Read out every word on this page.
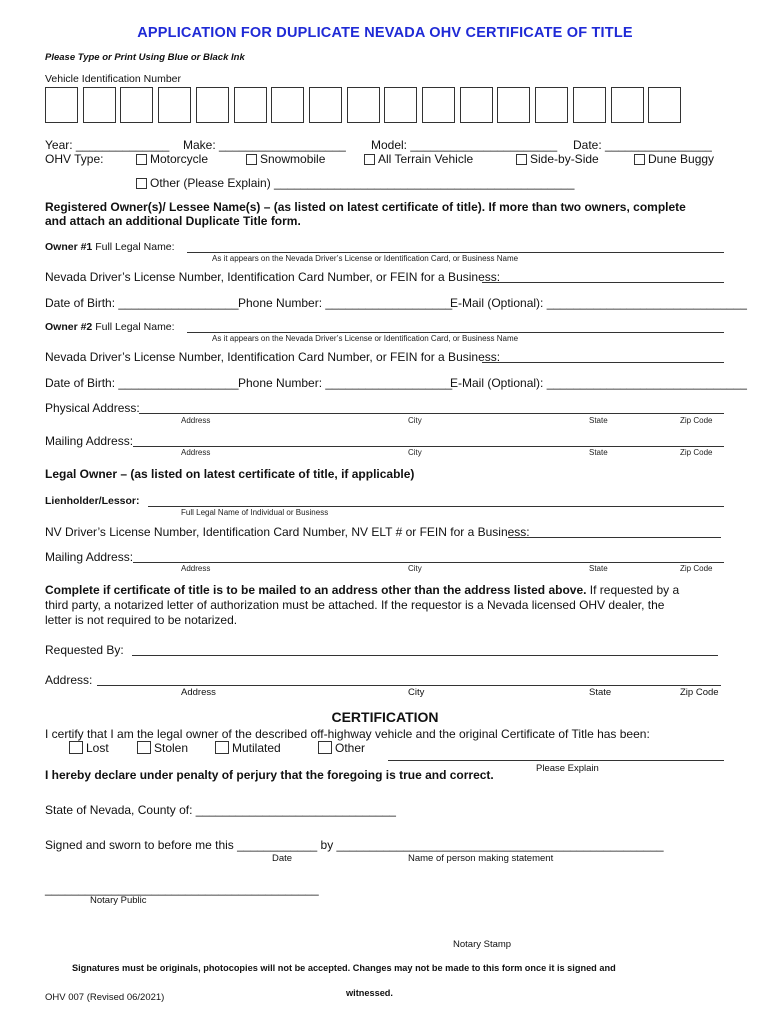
APPLICATION FOR DUPLICATE NEVADA OHV CERTIFICATE OF TITLE
Please Type or Print Using Blue or Black Ink
Vehicle Identification Number
Year: ______________ Make: ___________________ Model: ______________________ Date: ________________
OHV Type:	Motorcycle	Snowmobile	All Terrain Vehicle	Side-by-Side	Dune Buggy
Other (Please Explain) _____________________________________________
Registered Owner(s)/ Lessee Name(s) – (as listed on latest certificate of title). If more than two owners, complete
and attach an additional Duplicate Title form.
Owner #1 Full Legal Name:
As it appears on the Nevada Driver’s License or Identification Card, or Business Name
Nevada Driver’s License Number, Identification Card Number, or FEIN for a Business:
Date of Birth: __________________ Phone Number: ___________________
E-Mail (Optional): ______________________________
Owner #2 Full Legal Name:
As it appears on the Nevada Driver’s License or Identification Card, or Business Name
Nevada Driver’s License Number, Identification Card Number, or FEIN for a Business:
Date of Birth: __________________ Phone Number: ___________________
E-Mail (Optional): ______________________________
Physical Address:
Address	City	State	Zip Code
Mailing Address:
Address	City	State	Zip Code
Legal Owner – (as listed on latest certificate of title, if applicable)
Lienholder/Lessor:
Full Legal Name of Individual or Business
NV Driver’s License Number, Identification Card Number, NV ELT # or FEIN for a Business:
Mailing Address:
Address	City	State	Zip Code
Complete if certificate of title is to be mailed to an address other than the address listed above. If requested by a
third party, a notarized letter of authorization must be attached. If the requestor is a Nevada licensed OHV dealer, the
letter is not required to be notarized.
Requested By:
Address:
Address	City	State	Zip Code
CERTIFICATION
I certify that I am the legal owner of the described off-highway vehicle and the original Certificate of Title has been:
Lost	Stolen	Mutilated	Other
Please Explain
I hereby declare under penalty of perjury that the foregoing is true and correct.
State of Nevada, County of: ______________________________
Signed and sworn to before me this ____________ by _________________________________________________
Date	Name of person making statement
_________________________________________
Notary Public
Notary Stamp
Signatures must be originals, photocopies will not be accepted. Changes may not be made to this form once it is signed and
witnessed.
OHV 007 (Revised 06/2021)
